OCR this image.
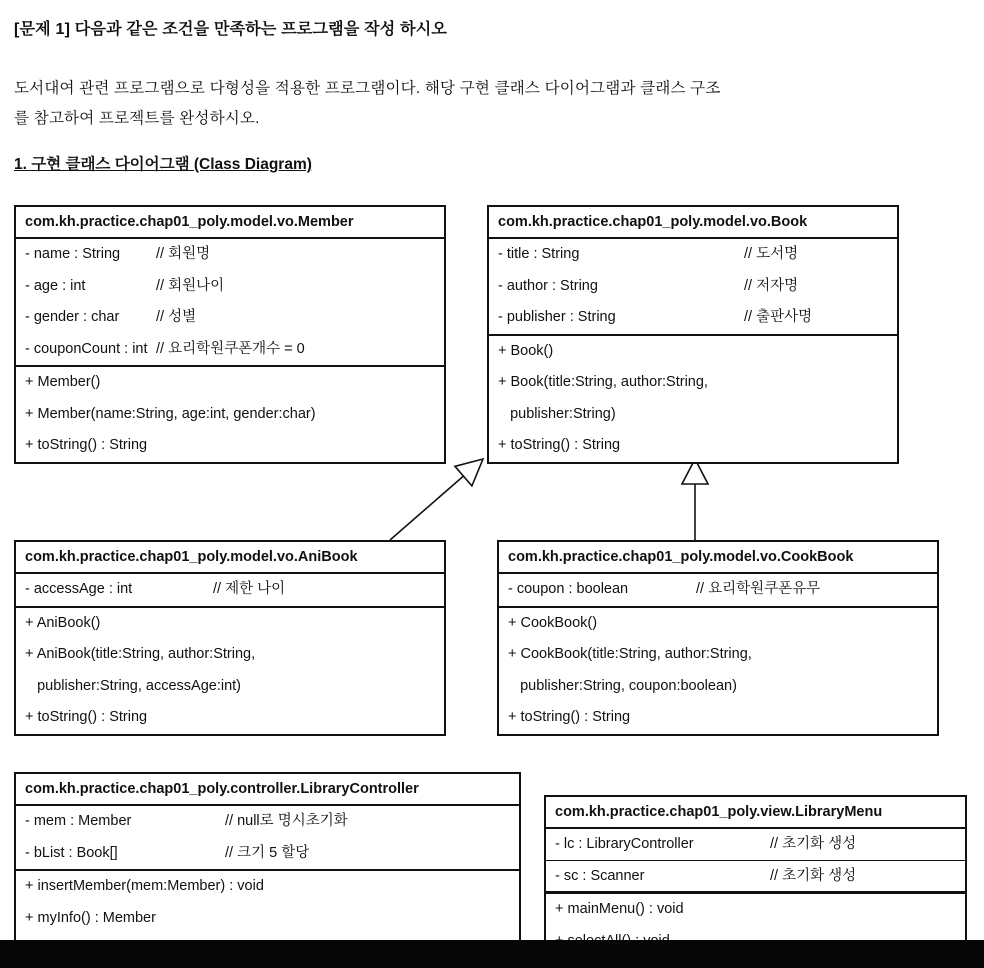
[문제 1] 다음과 같은 조건을 만족하는 프로그램을 작성 하시오
도서대여 관련 프로그램으로 다형성을 적용한 프로그램이다. 해당 구현 클래스 다이어그램과 클래스 구조
를 참고하여 프로젝트를 완성하시오.
1. 구현 클래스 다이어그램 (Class Diagram)
com.kh.practice.chap01_poly.model.vo.Member
- name : String	// 회원명
- age : int	// 회원나이
- gender : char	// 성별
- couponCount : int // 요리학원쿠폰개수 = 0
+ Member()
+ Member(name:String, age:int, gender:char)
+ toString() : String
com.kh.practice.chap01_poly.model.vo.Book
- title : String	// 도서명
- author : String	// 저자명
- publisher : String	// 출판사명
+ Book()
+ Book(title:String, author:String,
publisher:String)
+ toString() : String
com.kh.practice.chap01_poly.model.vo.AniBook
- accessAge : int	// 제한 나이
+ AniBook()
+ AniBook(title:String, author:String,
publisher:String, accessAge:int)
+ toString() : String
com.kh.practice.chap01_poly.model.vo.CookBook
- coupon : boolean	// 요리학원쿠폰유무
+ CookBook()
+ CookBook(title:String, author:String,
publisher:String, coupon:boolean)
+ toString() : String
com.kh.practice.chap01_poly.controller.LibraryController
- mem : Member	// null로 명시초기화
- bList : Book[]	// 크기 5 할당
+ insertMember(mem:Member) : void
+ myInfo() : Member
com.kh.practice.chap01_poly.view.LibraryMenu
- lc : LibraryController	// 초기화 생성
- sc : Scanner	// 초기화 생성
+ mainMenu() : void
